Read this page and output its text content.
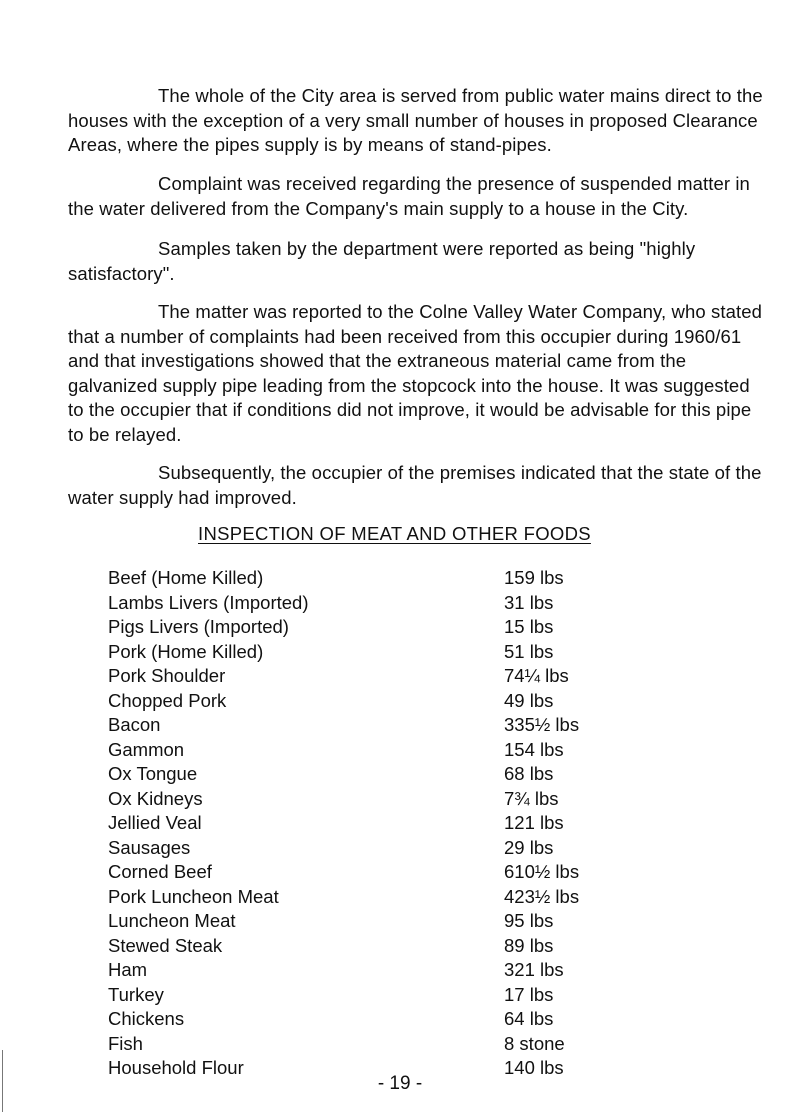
The whole of the City area is served from public water mains direct to the houses with the exception of a very small number of houses in proposed Clearance Areas, where the pipes supply is by means of stand-pipes.

Complaint was received regarding the presence of suspended matter in the water delivered from the Company's main supply to a house in the City.

Samples taken by the department were reported as being "highly satisfactory".

The matter was reported to the Colne Valley Water Company, who stated that a number of complaints had been received from this occupier during 1960/61 and that investigations showed that the extraneous material came from the galvanized supply pipe leading from the stopcock into the house. It was suggested to the occupier that if conditions did not improve, it would be advisable for this pipe to be relayed.

Subsequently, the occupier of the premises indicated that the state of the water supply had improved.

INSPECTION OF MEAT AND OTHER FOODS

Beef (Home Killed)	159 lbs
Lambs Livers (Imported)	31 lbs
Pigs Livers (Imported)	15 lbs
Pork (Home Killed)	51 lbs
Pork Shoulder	74¼ lbs
Chopped Pork	49 lbs
Bacon	335½ lbs
Gammon	154 lbs
Ox Tongue	68 lbs
Ox Kidneys	7¾ lbs
Jellied Veal	121 lbs
Sausages	29 lbs
Corned Beef	610½ lbs
Pork Luncheon Meat	423½ lbs
Luncheon Meat	95 lbs
Stewed Steak	89 lbs
Ham	321 lbs
Turkey	17 lbs
Chickens	64 lbs
Fish	8 stone
Household Flour	140 lbs

- 19 -
